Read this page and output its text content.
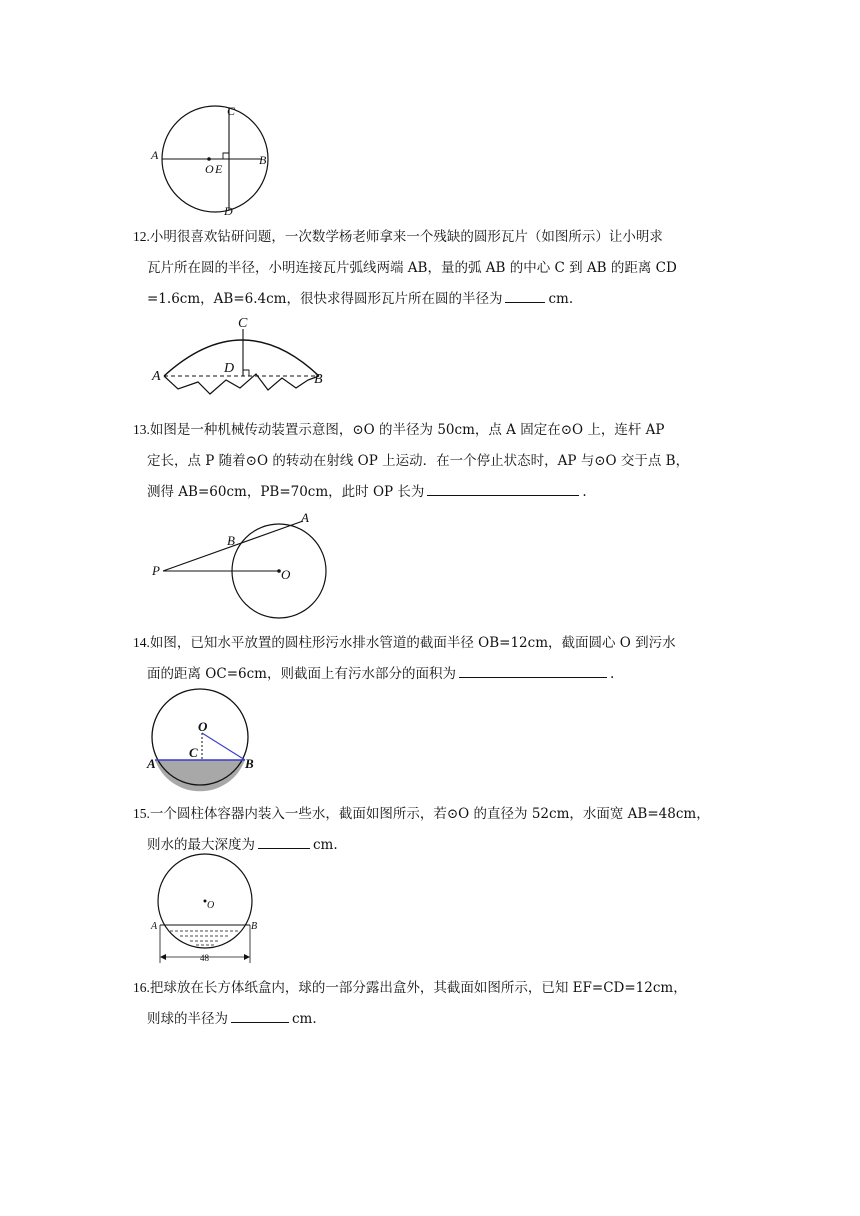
C
A	B
O E
D

12.小明很喜欢钻研问题，一次数学杨老师拿来一个残缺的圆形瓦片（如图所示）让小明求

瓦片所在圆的半径，小明连接瓦片弧线两端 AB，量的弧 AB 的中心 C 到 AB 的距离 CD

=1.6cm，AB=6.4cm，很快求得圆形瓦片所在圆的半径为	cm.

C
D
A	B

13.如图是一种机械传动装置示意图，⊙O 的半径为 50cm，点 A 固定在⊙O 上，连杆 AP

定长，点 P 随着⊙O 的转动在射线 OP 上运动．在一个停止状态时，AP 与⊙O 交于点 B，

测得 AB=60cm，PB=70cm，此时 OP 长为	.

A
B
P	O

14.如图，已知水平放置的圆柱形污水排水管道的截面半径 OB=12cm，截面圆心 O 到污水

面的距离 OC=6cm，则截面上有污水部分的面积为	.

O
C
A	B

15.一个圆柱体容器内装入一些水，截面如图所示，若⊙O 的直径为 52cm，水面宽 AB=48cm，

则水的最大深度为	cm.

O
A	B
48

16.把球放在长方体纸盒内，球的一部分露出盒外，其截面如图所示，已知 EF=CD=12cm，

则球的半径为	cm.
